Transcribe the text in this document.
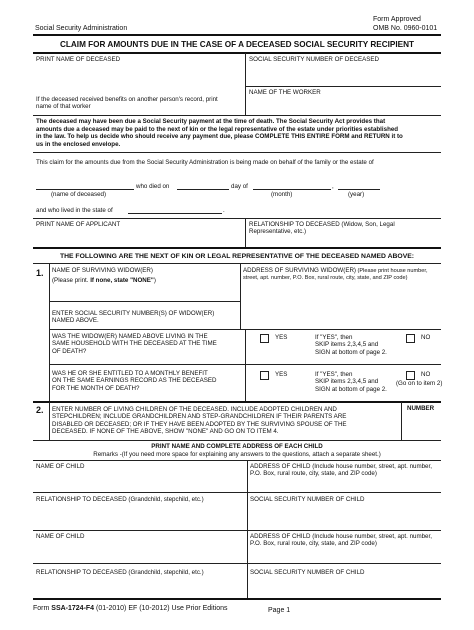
Form Approved
Social Security Administration	OMB No. 0960-0101
CLAIM FOR AMOUNTS DUE IN THE CASE OF A DECEASED SOCIAL SECURITY RECIPIENT
PRINT NAME OF DECEASED	SOCIAL SECURITY NUMBER OF DECEASED
If the deceased received benefits on another person's record, print
name of that worker
NAME OF THE WORKER
The deceased may have been due a Social Security payment at the time of death. The Social Security Act provides that
amounts due a deceased may be paid to the next of kin or the legal representative of the estate under priorities established
in the law. To help us decide who should receive any payment due, please COMPLETE THIS ENTIRE FORM and RETURN it to
us in the enclosed envelope.
This claim for the amounts due from the Social Security Administration is being made on behalf of the family or the estate of
who died on	day of	,
(name of deceased)	(month)	(year)
and who lived in the state of	.
PRINT NAME OF APPLICANT	RELATIONSHIP TO DECEASED (Widow, Son, Legal
Representative, etc.)
THE FOLLOWING ARE THE NEXT OF KIN OR LEGAL REPRESENTATIVE OF THE DECEASED NAMED ABOVE:
1. NAME OF SURVIVING WIDOW(ER)
(Please print. If none, state "NONE")
ADDRESS OF SURVIVING WIDOW(ER) (Please print house number,
street, apt. number, P.O. Box, rural route, city, state, and ZIP code)
ENTER SOCIAL SECURITY NUMBER(S) OF WIDOW(ER)
NAMED ABOVE.
WAS THE WIDOW(ER) NAMED ABOVE LIVING IN THE
SAME HOUSEHOLD WITH THE DECEASED AT THE TIME
OF DEATH?
YES	If "YES", then
SKIP items 2,3,4,5 and
SIGN at bottom of page 2.
NO
WAS HE OR SHE ENTITLED TO A MONTHLY BENEFIT
ON THE SAME EARNINGS RECORD AS THE DECEASED
FOR THE MONTH OF DEATH?
YES	If "YES", then
SKIP items 2,3,4,5 and
SIGN at bottom of page 2.
NO
(Go on to item 2)
2. ENTER NUMBER OF LIVING CHILDREN OF THE DECEASED. INCLUDE ADOPTED CHILDREN AND
STEPCHILDREN; INCLUDE GRANDCHILDREN AND STEP-GRANDCHILDREN IF THEIR PARENTS ARE
DISABLED OR DECEASED; OR IF THEY HAVE BEEN ADOPTED BY THE SURVIVING SPOUSE OF THE
DECEASED. IF NONE OF THE ABOVE, SHOW "NONE" AND GO ON TO ITEM 4.
NUMBER
PRINT NAME AND COMPLETE ADDRESS OF EACH CHILD
Remarks -(If you need more space for explaining any answers to the questions, attach a separate sheet.)
NAME OF CHILD	ADDRESS OF CHILD (Include house number, street, apt. number,
P.O. Box, rural route, city, state, and ZIP code)
RELATIONSHIP TO DECEASED (Grandchild, stepchild, etc.)	SOCIAL SECURITY NUMBER OF CHILD
NAME OF CHILD	ADDRESS OF CHILD (Include house number, street, apt. number,
P.O. Box, rural route, city, state, and ZIP code)
RELATIONSHIP TO DECEASED (Grandchild, stepchild, etc.)	SOCIAL SECURITY NUMBER OF CHILD
Form SSA-1724-F4 (01-2010) EF (10-2012) Use Prior Editions	Page 1
